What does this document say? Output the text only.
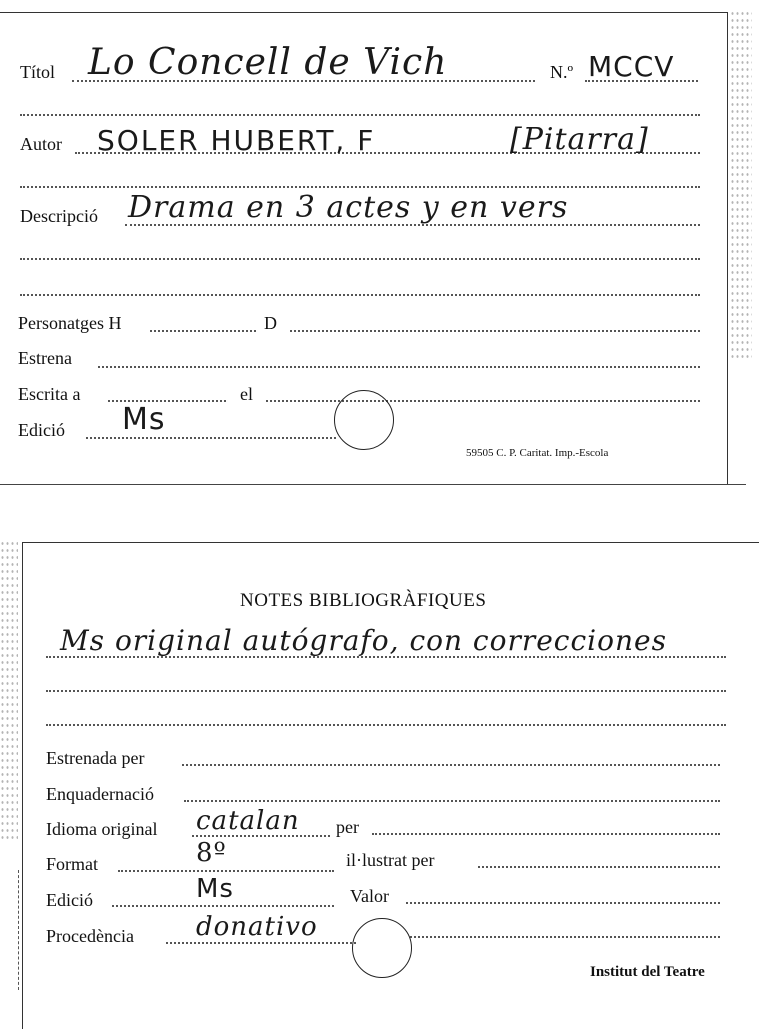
Títol Lo Concell de Vich	N.º MCCV
Autor SOLER HUBERT, F	[Pitarra]
Descripció Drama en 3 actes y en vers
Personatges H	D
Estrena
Escrita a	el
Edició Ms
59505 C. P. Caritat. Imp.-Escola
NOTES BIBLIOGRÀFIQUES
Ms original autógrafo, con correcciones
Estrenada per
Enquadernació
Idioma original catalan per
Format	8º	il·lustrat per
Edició	Ms	Valor
Procedència donativo
Institut del Teatre
